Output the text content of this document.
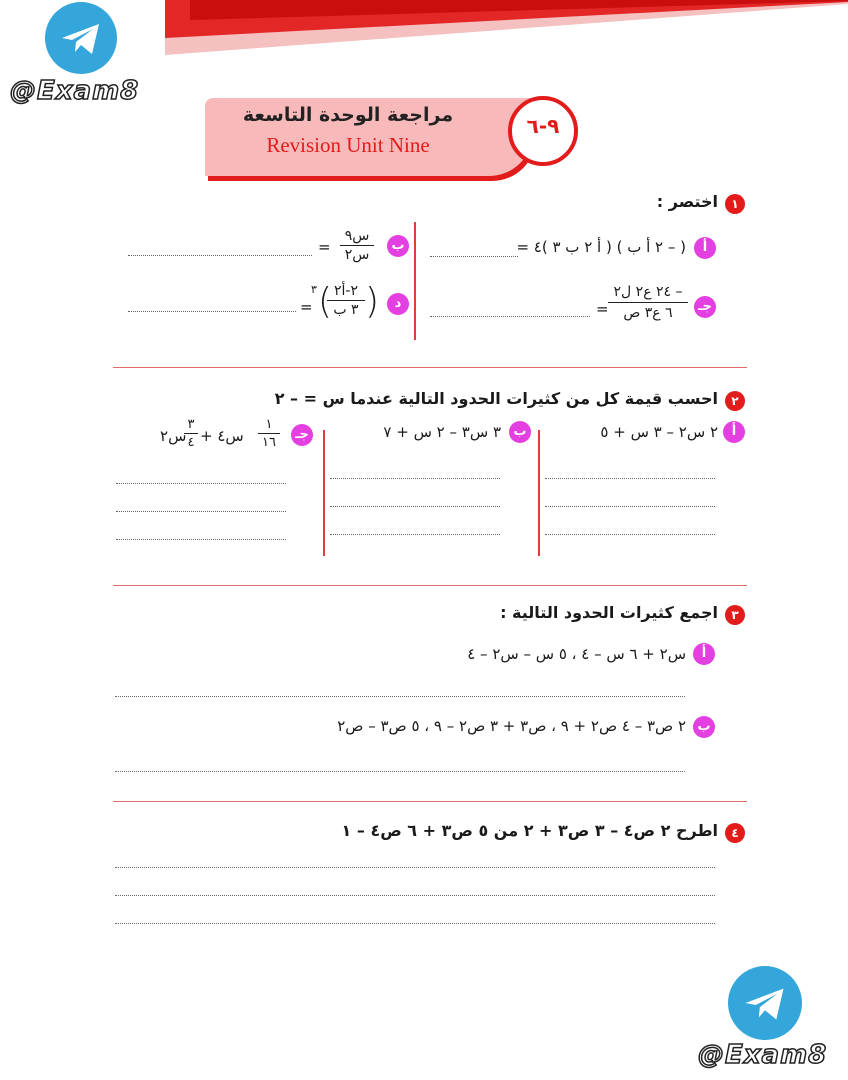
@Exam8
مراجعة الوحدة التاسعة
Revision Unit Nine
٩-٦
١
اختصر :
أ
( – ٢ أ ب ) ( أ ٢ ب ٣ )٤ =
ب
س٩
س٢
=
جـ
– ٢٤ ع٢ ل٢
٦ ع٣ ص
=
د
)
٢-أ٢
٣ ب
(
٣
=
٢
احسب قيمة كل من كثيرات الحدود التالية عندما س = – ٢
أ
٢ س٢ – ٣ س + ٥
ب
٣ س٣ – ٢ س + ٧
جـ
١
١٦
س٤ +
٣
٤
س٢
٣
اجمع كثيرات الحدود التالية :
أ
س٢ + ٦ س – ٤ ، ٥ س – س٢ – ٤
ب
٢ ص٣ – ٤ ص٢ + ٩ ، ص٣ + ٣ ص٢ – ٩ ، ٥ ص٣ – ص٢
٤
اطرح ٢ ص٤ – ٣ ص٣ + ٢ من ٥ ص٣ + ٦ ص٤ – ١
@Exam8
